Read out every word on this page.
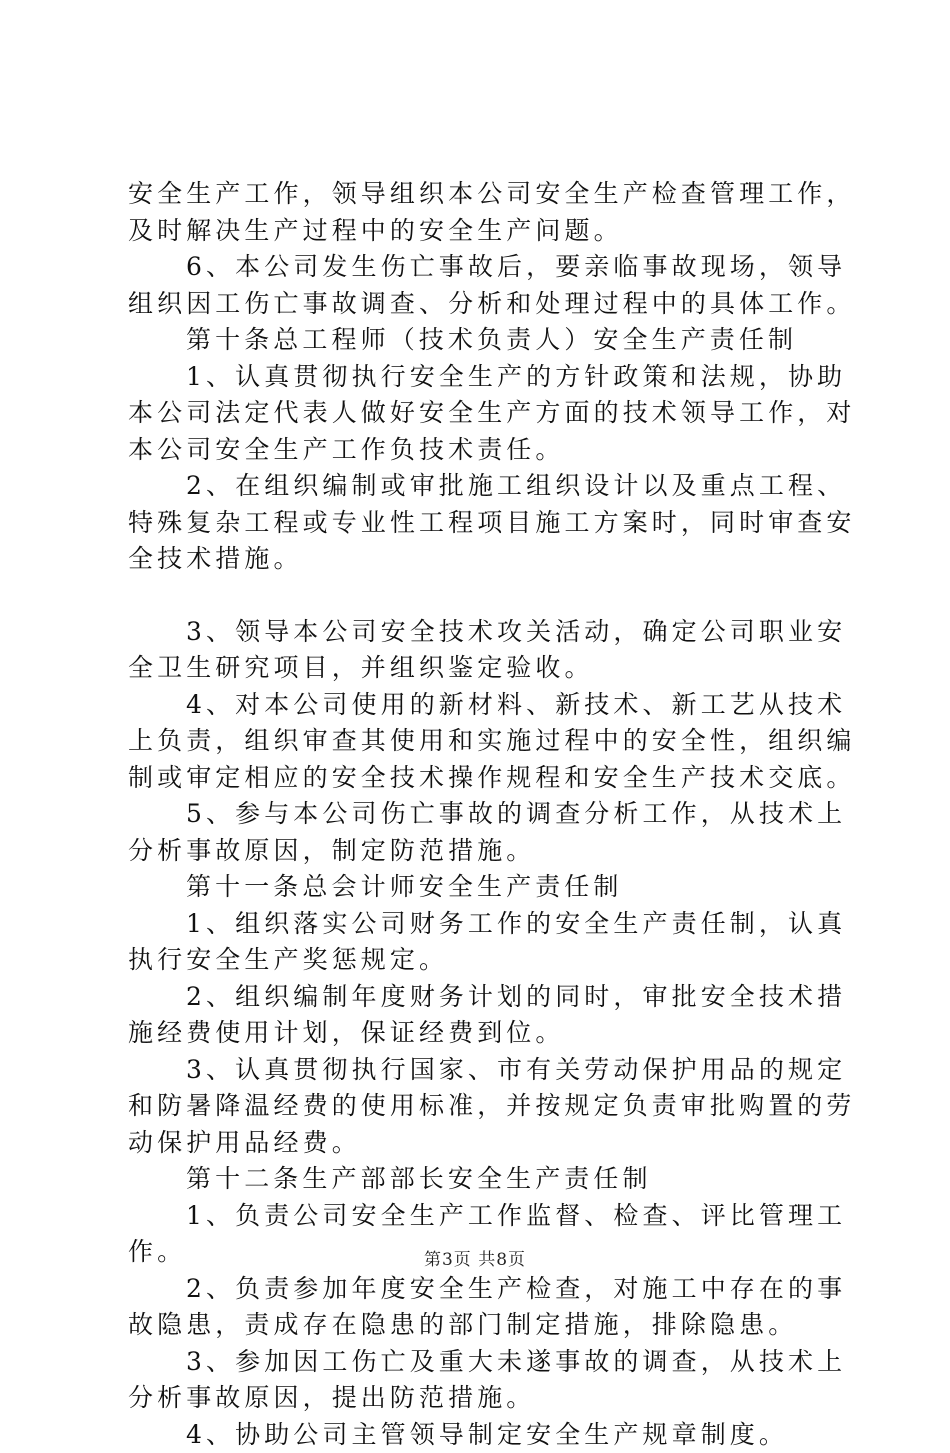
安全生产工作，领导组织本公司安全生产检查管理工作，及时解决生产过程中的安全生产问题。

6、本公司发生伤亡事故后，要亲临事故现场，领导组织因工伤亡事故调查、分析和处理过程中的具体工作。

第十条总工程师（技术负责人）安全生产责任制

1、认真贯彻执行安全生产的方针政策和法规，协助本公司法定代表人做好安全生产方面的技术领导工作，对本公司安全生产工作负技术责任。

2、在组织编制或审批施工组织设计以及重点工程、特殊复杂工程或专业性工程项目施工方案时，同时审查安全技术措施。

3、领导本公司安全技术攻关活动，确定公司职业安全卫生研究项目，并组织鉴定验收。

4、对本公司使用的新材料、新技术、新工艺从技术上负责，组织审查其使用和实施过程中的安全性，组织编制或审定相应的安全技术操作规程和安全生产技术交底。

5、参与本公司伤亡事故的调查分析工作，从技术上分析事故原因，制定防范措施。

第十一条总会计师安全生产责任制

1、组织落实公司财务工作的安全生产责任制，认真执行安全生产奖惩规定。

2、组织编制年度财务计划的同时，审批安全技术措施经费使用计划，保证经费到位。

3、认真贯彻执行国家、市有关劳动保护用品的规定和防暑降温经费的使用标准，并按规定负责审批购置的劳动保护用品经费。

第十二条生产部部长安全生产责任制

1、负责公司安全生产工作监督、检查、评比管理工作。

2、负责参加年度安全生产检查，对施工中存在的事故隐患，责成存在隐患的部门制定措施，排除隐患。

3、参加因工伤亡及重大未遂事故的调查，从技术上分析事故原因，提出防范措施。

4、协助公司主管领导制定安全生产规章制度。

第3页 共8页
